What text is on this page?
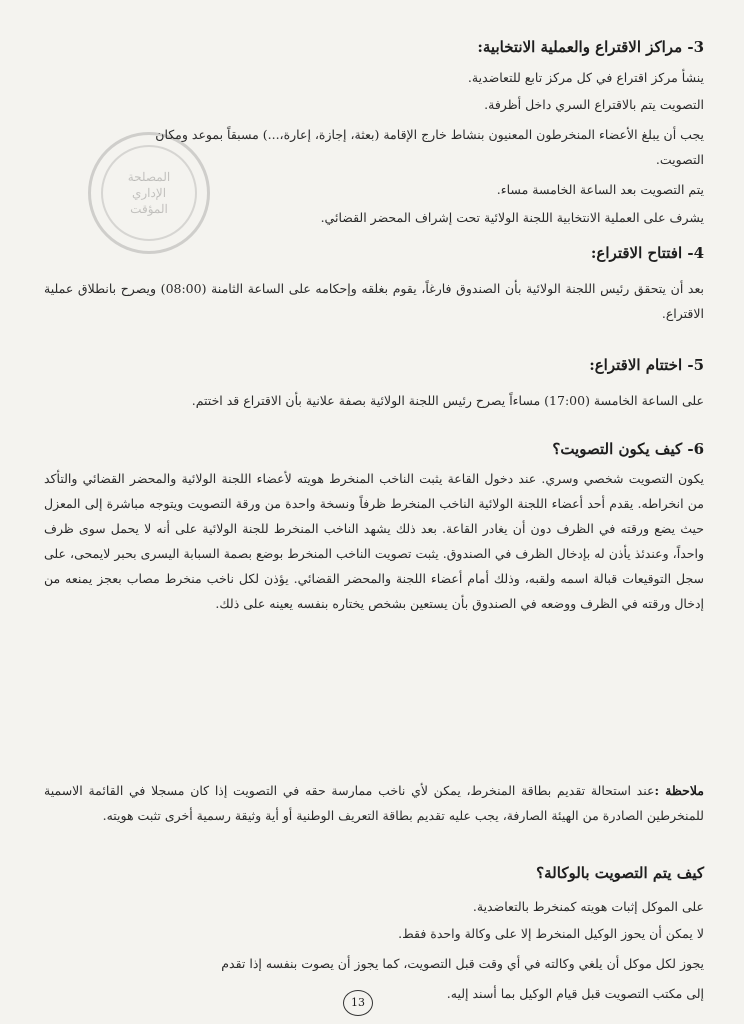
المصلحة
الإداري
المؤقت
3- مراكز الاقتراع والعملية الانتخابية:
ينشأ مركز اقتراع في كل مركز تابع للتعاضدية.
التصويت يتم بالاقتراع السري داخل أظرفة.
يجب أن يبلغ الأعضاء المنخرطون المعنيون بنشاط خارج الإقامة (بعثة، إجازة، إعارة،...) مسبقاً بموعد ومكان
التصويت.
يتم التصويت بعد الساعة الخامسة مساء.
يشرف على العملية الانتخابية اللجنة الولائية تحت إشراف المحضر القضائي.
4- افتتاح الاقتراع:
بعد أن يتحقق رئيس اللجنة الولائية بأن الصندوق فارغاً، يقوم بغلقه وإحكامه على الساعة الثامنة (08:00) ويصرح بانطلاق عملية الاقتراع.
5- اختتام الاقتراع:
على الساعة الخامسة (17:00) مساءاً يصرح رئيس اللجنة الولائية بصفة علانية بأن الاقتراع قد اختتم.
6- كيف يكون التصويت؟
يكون التصويت شخصي وسري. عند دخول القاعة يثبت الناخب المنخرط هويته لأعضاء اللجنة الولائية والمحضر القضائي والتأكد من انخراطه. يقدم أحد أعضاء اللجنة الولائية الناخب المنخرط ظرفاً ونسخة واحدة من ورقة التصويت ويتوجه مباشرة إلى المعزل حيث يضع ورقته في الظرف دون أن يغادر القاعة. بعد ذلك يشهد الناخب المنخرط للجنة الولائية على أنه لا يحمل سوى ظرف واحداً، وعندئذ يأذن له بإدخال الظرف في الصندوق. يثبت تصويت الناخب المنخرط بوضع بصمة السبابة اليسرى بحبر لايمحى، على سجل التوقيعات قبالة اسمه ولقبه، وذلك أمام أعضاء اللجنة والمحضر القضائي. يؤذن لكل ناخب منخرط مصاب بعجز يمنعه من إدخال ورقته في الظرف ووضعه في الصندوق بأن يستعين بشخص يختاره بنفسه يعينه على ذلك.
ملاحظة :عند استحالة تقديم بطاقة المنخرط، يمكن لأي ناخب ممارسة حقه في التصويت إذا كان مسجلا في القائمة الاسمية للمنخرطين الصادرة من الهيئة الصارفة، يجب عليه تقديم بطاقة التعريف الوطنية أو أية وثيقة رسمية أخرى تثبت هويته.
كيف يتم التصويت بالوكالة؟
على الموكل إثبات هويته كمنخرط بالتعاضدية.
لا يمكن أن يحوز الوكيل المنخرط إلا على وكالة واحدة فقط.
يجوز لكل موكل أن يلغي وكالته في أي وقت قبل التصويت، كما يجوز أن يصوت بنفسه إذا تقدم
إلى مكتب التصويت قبل قيام الوكيل بما أسند إليه.
13
